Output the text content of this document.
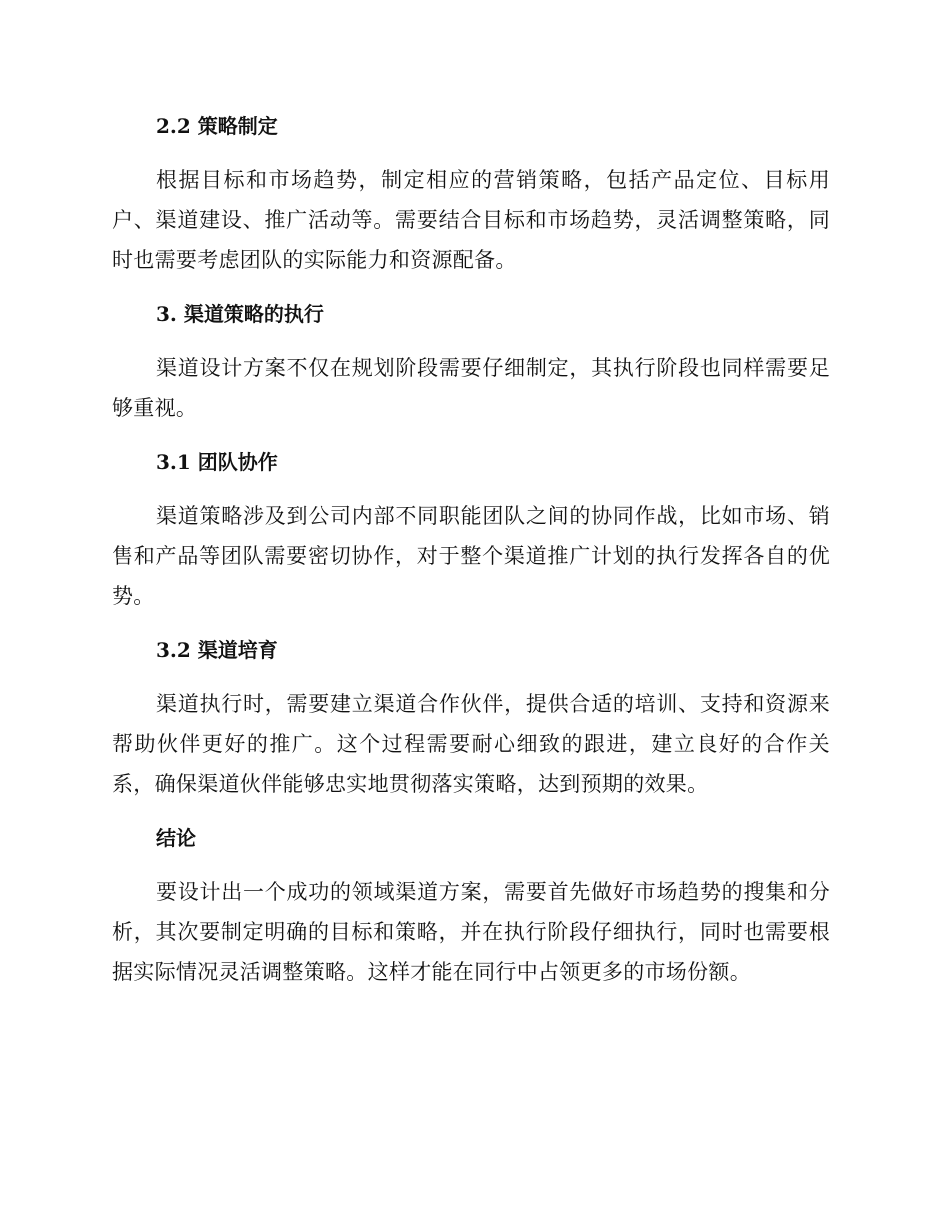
2.2 策略制定

根据目标和市场趋势，制定相应的营销策略，包括产品定位、目标用户、渠道建设、推广活动等。需要结合目标和市场趋势，灵活调整策略，同时也需要考虑团队的实际能力和资源配备。

3. 渠道策略的执行

渠道设计方案不仅在规划阶段需要仔细制定，其执行阶段也同样需要足够重视。

3.1 团队协作

渠道策略涉及到公司内部不同职能团队之间的协同作战，比如市场、销售和产品等团队需要密切协作，对于整个渠道推广计划的执行发挥各自的优势。

3.2 渠道培育

渠道执行时，需要建立渠道合作伙伴，提供合适的培训、支持和资源来帮助伙伴更好的推广。这个过程需要耐心细致的跟进，建立良好的合作关系，确保渠道伙伴能够忠实地贯彻落实策略，达到预期的效果。

结论

要设计出一个成功的领域渠道方案，需要首先做好市场趋势的搜集和分析，其次要制定明确的目标和策略，并在执行阶段仔细执行，同时也需要根据实际情况灵活调整策略。这样才能在同行中占领更多的市场份额。
